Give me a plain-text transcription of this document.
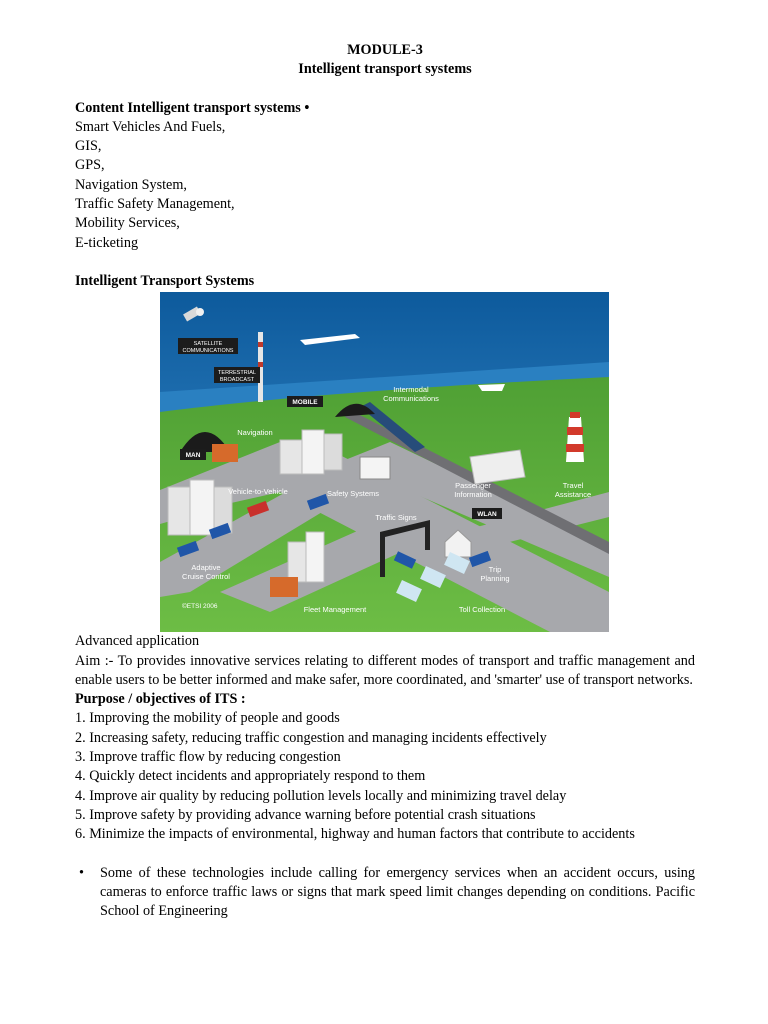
MODULE-3
Intelligent transport systems
Content Intelligent transport systems •
Smart Vehicles And Fuels,
GIS,
GPS,
Navigation System,
Traffic Safety Management,
Mobility Services,
E-ticketing
Intelligent Transport Systems
SATELLITE
COMMUNICATIONS
TERRESTRIAL
BROADCAST
MOBILE
Intermodal
Communications
Navigation
MAN
Vehicle-to-Vehicle	Safety Systems
Passenger
Information
Travel
Assistance
Traffic Signs	WLAN
Adaptive
Cruise Control
Trip
Planning
©ETSI 2006	Fleet Management	Toll Collection
Advanced application
Aim :- To provides innovative services relating to different modes of transport and traffic management and
enable users to be better informed and make safer, more coordinated, and 'smarter' use of transport networks.
Purpose / objectives of ITS :
1. Improving the mobility of people and goods
2. Increasing safety, reducing traffic congestion and managing incidents effectively
3. Improve traffic flow by reducing congestion
4. Quickly detect incidents and appropriately respond to them
4. Improve air quality by reducing pollution levels locally and minimizing travel delay
5. Improve safety by providing advance warning before potential crash situations
6. Minimize the impacts of environmental, highway and human factors that contribute to accidents
• Some of these technologies include calling for emergency services when an accident occurs, using
cameras to enforce traffic laws or signs that mark speed limit changes depending on conditions. Pacific
School of Engineering
